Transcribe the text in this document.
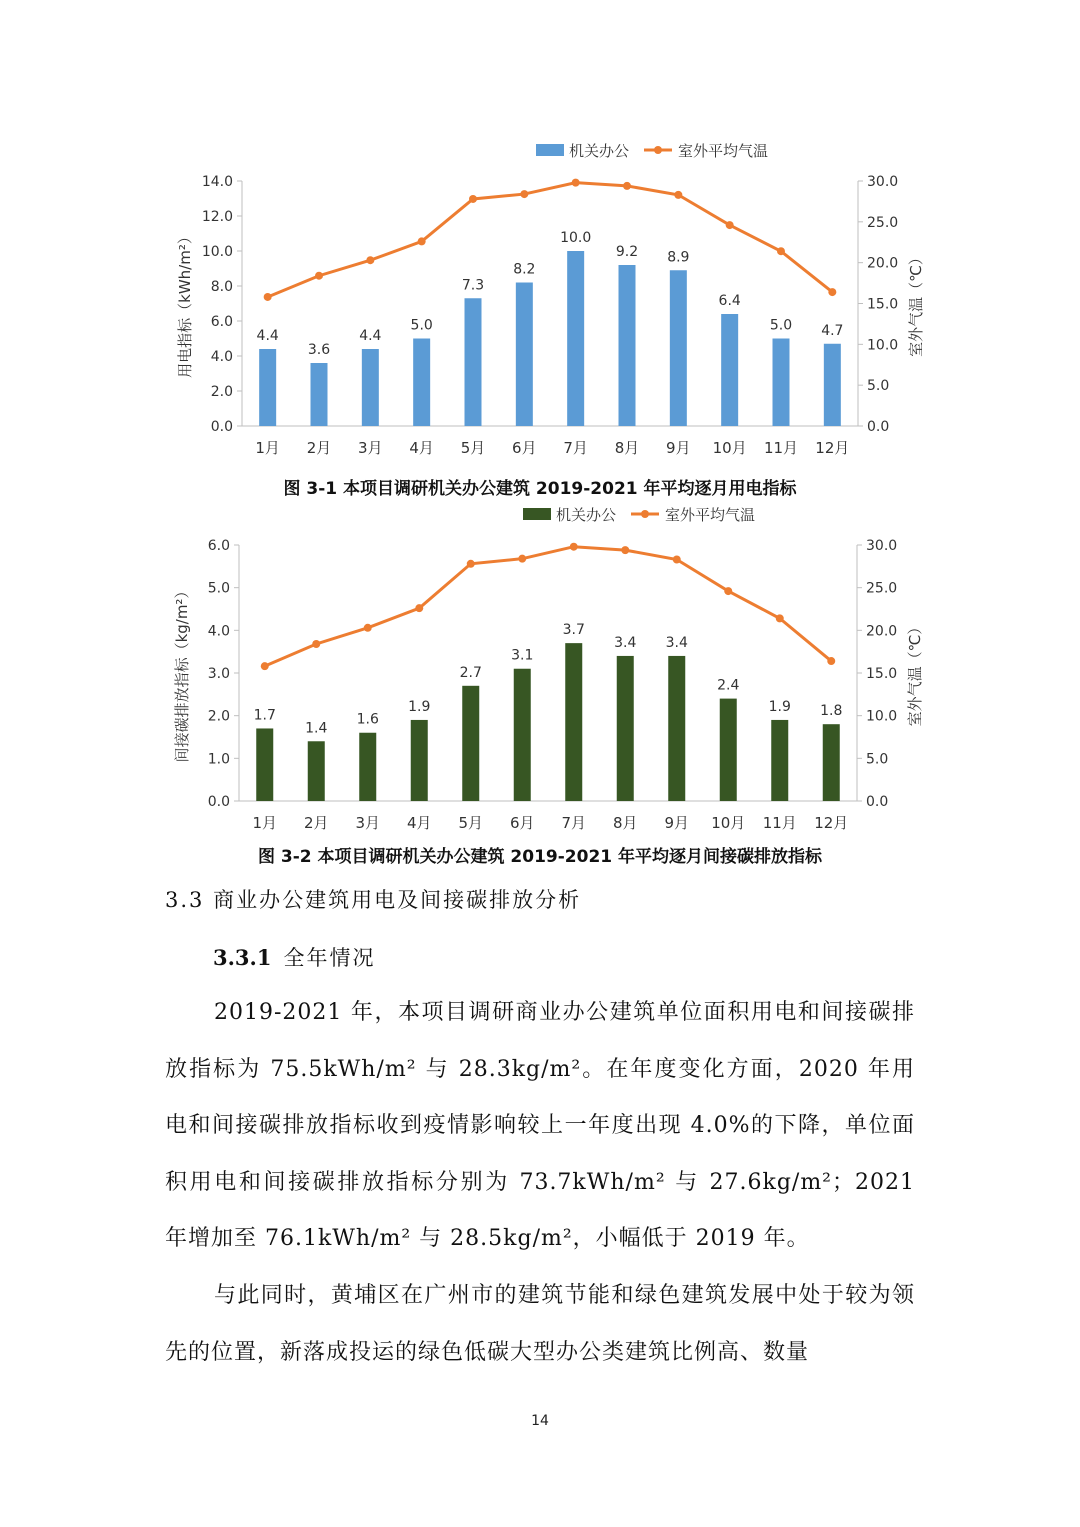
0.0
2.0
4.0
6.0
8.0
10.0
12.0
14.0
0.0
5.0
10.0
15.0
20.0
25.0
30.0
4.4
3.6
4.4
5.0
7.3
8.2
10.0
9.2 8.9
6.4
5.0 4.7
1月 2月 3月 4月 5月 6月 7月 8月 9月 10月 11月 12月
用电指标（kWh/m²）	室外气温（℃）
机关办公	室外平均气温
图 3-1 本项目调研机关办公建筑 2019-2021 年平均逐月用电指标
0.0
1.0
2.0
3.0
4.0
5.0
6.0
0.0
5.0
10.0
15.0
20.0
25.0
30.0
1.7
1.4
1.6
1.9
2.7
3.1
3.7
3.4 3.4
2.4
1.9 1.8
1月 2月 3月 4月 5月 6月 7月 8月 9月 10月 11月 12月
间接碳排放指标（kg/m²）	室外气温（℃）
机关办公	室外平均气温
图 3-2 本项目调研机关办公建筑 2019-2021 年平均逐月间接碳排放指标
3.3 商业办公建筑用电及间接碳排放分析
3.3.1 全年情况
2019-2021 年，本项目调研商业办公建筑单位面积用电和间接碳排放指标为 75.5kWh/m² 与 28.3kg/m²。在年度变化方面，2020 年用电和间接碳排放指标收到疫情影响较上一年度出现 4.0%的下降，单位面积用电和间接碳排放指标分别为 73.7kWh/m² 与 27.6kg/m²；2021 年增加至 76.1kWh/m² 与 28.5kg/m²，小幅低于 2019 年。
与此同时，黄埔区在广州市的建筑节能和绿色建筑发展中处于较为领先的位置，新落成投运的绿色低碳大型办公类建筑比例高、数量
14
